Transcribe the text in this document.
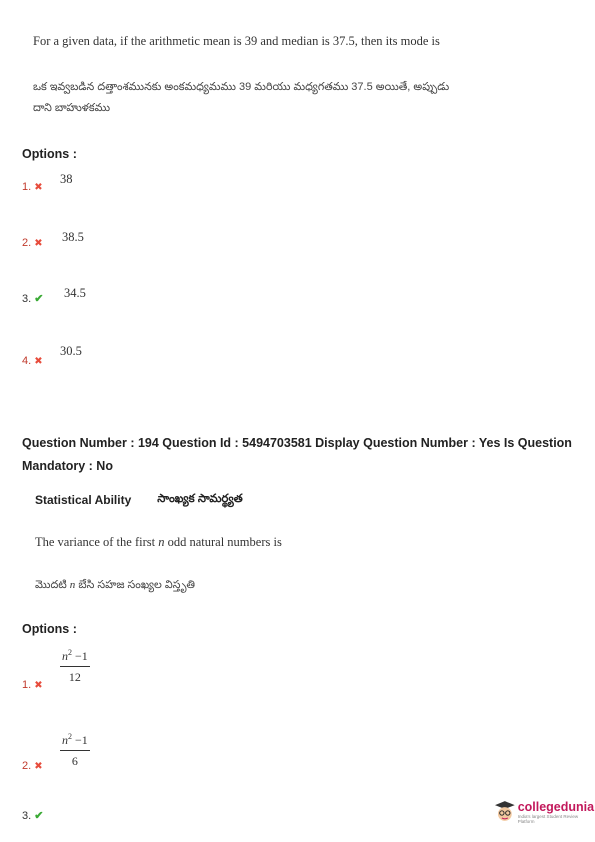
For a given data, if the arithmetic mean is 39 and median is 37.5, then its mode is
ఒక ఇవ్వబడిన దత్తాంశమునకు అంకమధ్యమము 39 మరియు మధ్యగతము 37.5 అయితే, అప్పుడు
దాని బాహుళకము
Options :
1. ✖
38
2. ✖ 38.5
3. ✔ 34.5
4. ✖
30.5
Question Number : 194 Question Id : 5494703581 Display Question Number : Yes Is Question Mandatory : No
Statistical Ability సాంఖ్యక సామర్థ్యత
The variance of the first n odd natural numbers is
మొదటి n బేసి సహజ సంఖ్యల విస్తృతి
Options :
$\frac{n^2 -1}{12}$
1. ✖
$\frac{n^2 -1}{6}$
2. ✖
3. ✔
collegedunia
India's largest Student Review Platform
